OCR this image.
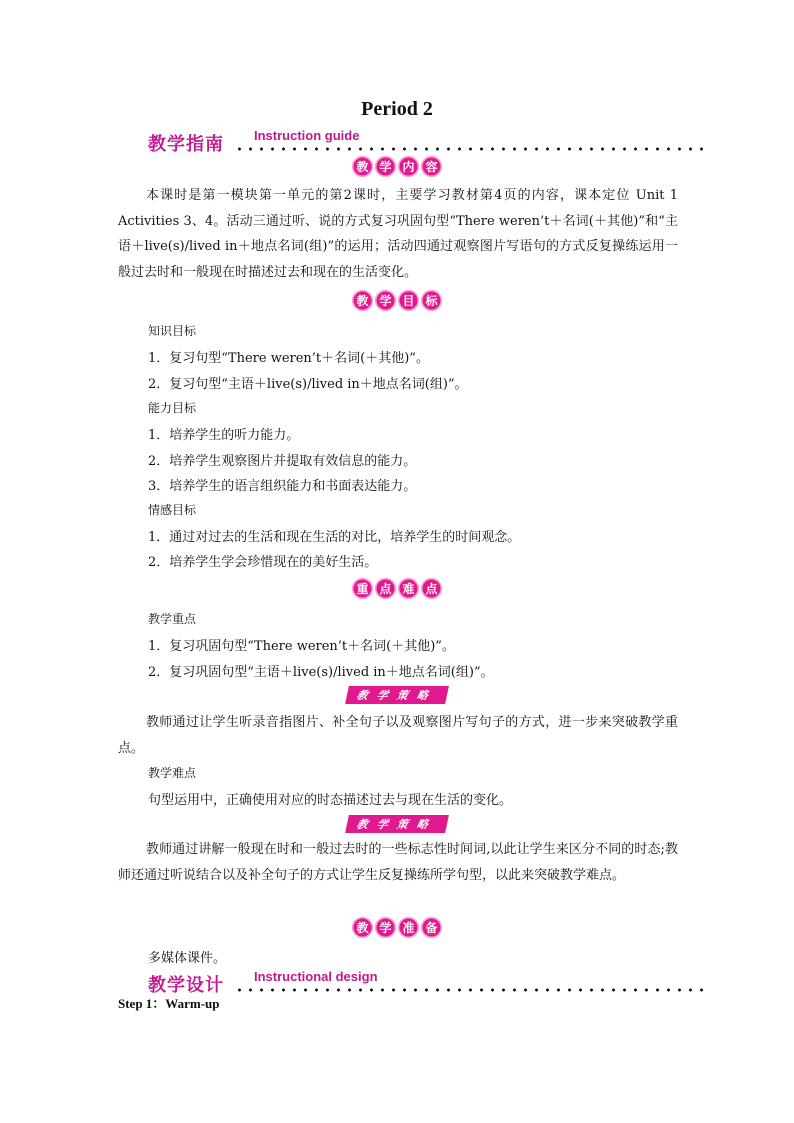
Period 2
教学指南 Instruction guide
教 学 内 容

本课时是第一模块第一单元的第2课时，主要学习教材第4页的内容，课本定位 Unit 1 Activities 3、4。活动三通过听、说的方式复习巩固句型“There weren’t＋名词(＋其他)”和“主语＋live(s)/lived in＋地点名词(组)”的运用；活动四通过观察图片写语句的方式反复操练运用一般过去时和一般现在时描述过去和现在的生活变化。

教 学 目 标
知识目标
1．复习句型“There weren’t＋名词(＋其他)”。
2．复习句型“主语＋live(s)/lived in＋地点名词(组)”。
能力目标
1．培养学生的听力能力。
2．培养学生观察图片并提取有效信息的能力。
3．培养学生的语言组织能力和书面表达能力。
情感目标
1．通过对过去的生活和现在生活的对比，培养学生的时间观念。
2．培养学生学会珍惜现在的美好生活。
重 点 难 点
教学重点
1．复习巩固句型“There weren’t＋名词(＋其他)”。
2．复习巩固句型“主语＋live(s)/lived in＋地点名词(组)”。
教学策略

教师通过让学生听录音指图片、补全句子以及观察图片写句子的方式，进一步来突破教学重点。

教学难点
句型运用中，正确使用对应的时态描述过去与现在生活的变化。
教学策略

教师通过讲解一般现在时和一般过去时的一些标志性时间词,以此让学生来区分不同的时态;教师还通过听说结合以及补全句子的方式让学生反复操练所学句型，以此来突破教学难点。

教 学 准 备
多媒体课件。
教学设计 Instructional design
Step 1：Warm-up
